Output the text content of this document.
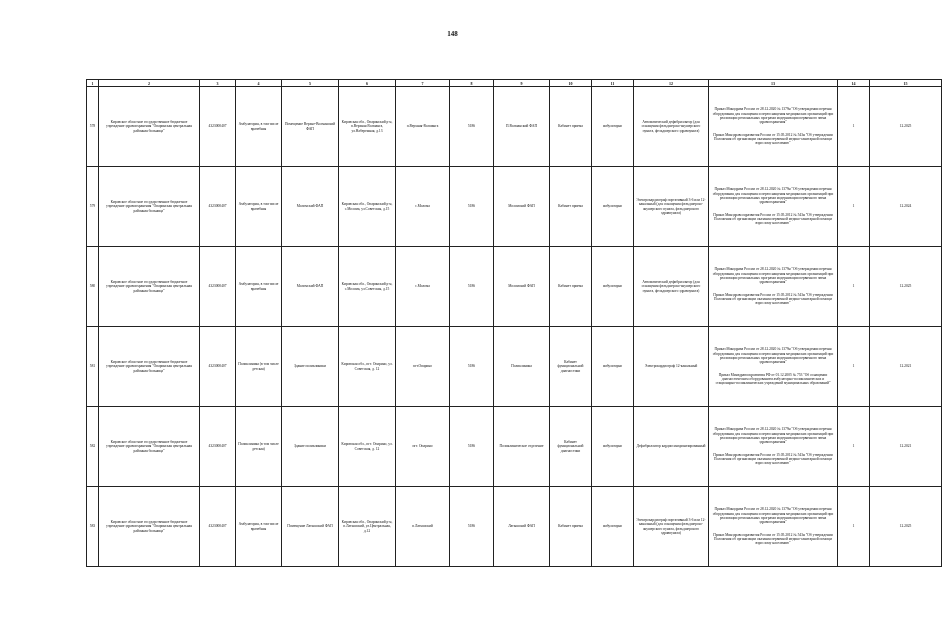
148
1	2	3	4	5	6	7	8	9	10	11	12	13	14	15
578	Кировское областное государственное бюджетное учреждение здравоохранения "Опаринская центральная районная больница"	4323000407	Амбулатория, в том числе врачебная	Помещение Верхне-Волманский ФАП	Кировская обл., Опаринский р-н, п.Верхняя Волманга, ул.Набережная, д.13	п.Верхняя-Волманга	5186	П.Волманский ФАП	Кабинет приема	амбулаторно	Автоматический дефибриллятор (для оснащения фельдшерско-акушерского пункта, фельдшерского здравпункта)	Приказ Минздрава России от 28.12.2020 № 1379н "Об утверждении перечня оборудования для оснащения и переоснащения медицинских организаций при реализации региональных программ модернизации первичного звена здравоохранения"
Приказ Минздравсоцразвития России от 15.05.2012 № 543н "Об утверждении Положения об организации оказания первичной медико-санитарной помощи взрослому населению"	1	12.2025
579	Кировское областное государственное бюджетное учреждение здравоохранения "Опаринская центральная районная больница"	4323000407	Амбулатория, в том числе врачебная	Моломский ФАП	Кировская обл., Опаринский р-н, с.Молома, ул.Советская, д.15	с.Молома	5186	Моломский ФАП	Кабинет приема	амбулаторно	Электрокардиограф портативный 3-6 или 12-канальный (для оснащения фельдшерско-акушерского пункта, фельдшерского здравпункта)	Приказ Минздрава России от 28.12.2020 № 1379н "Об утверждении перечня оборудования для оснащения и переоснащения медицинских организаций при реализации региональных программ модернизации первичного звена здравоохранения"
Приказ Минздравсоцразвития России от 15.05.2012 № 543н "Об утверждении Положения об организации оказания первичной медико-санитарной помощи взрослому населению"	1	12.2024
580	Кировское областное государственное бюджетное учреждение здравоохранения "Опаринская центральная районная больница"	4323000407	Амбулатория, в том числе врачебная	Моломский ФАП	Кировская обл., Опаринский р-н, с.Молома, ул.Советская, д.15	с.Молома	5186	Моломский ФАП	Кабинет приема	амбулаторно	Автоматический дефибриллятор (для оснащения фельдшерско-акушерского пункта, фельдшерского здравпункта)	Приказ Минздрава России от 28.12.2020 № 1379н "Об утверждении перечня оборудования для оснащения и переоснащения медицинских организаций при реализации региональных программ модернизации первичного звена здравоохранения"
Приказ Минздравсоцразвития России от 15.05.2012 № 543н "Об утверждении Положения об организации оказания первичной медико-санитарной помощи взрослому населению"	1	12.2025
581	Кировское областное государственное бюджетное учреждение здравоохранения "Опаринская центральная районная больница"	4323000407	Поликлиника (в том числе детская)	Здание поликлиники	Кировская обл., пгт. Опарино, ул. Советская, д. 12	пгт.Опарино	5186	Поликлиника	Кабинет функциональной диагностики	амбулаторно	Электрокардиограф 12-канальный	Приказ Минздрава России от 28.12.2020 № 1379н "Об утверждении перечня оборудования для оснащения и переоснащения медицинских организаций при реализации региональных программ модернизации первичного звена здравоохранения"
Приказ Минздравсоцразвития РФ от 01.12.2005 № 753 "Об оснащении диагностическим оборудованием амбулаторно-поликлинических и стационарно-поликлинических учреждений муниципальных образований"	1	12.2021
582	Кировское областное государственное бюджетное учреждение здравоохранения "Опаринская центральная районная больница"	4323000407	Поликлиника (в том числе детская)	Здание поликлиники	Кировская обл., пгт. Опарино, ул. Советская, д. 12	пгт. Опарино	5186	Поликлиническое отделение	Кабинет функциональной диагностики	амбулаторно	Дефибриллятор кардиосинхронизированный	Приказ Минздрава России от 28.12.2020 № 1379н "Об утверждении перечня оборудования для оснащения и переоснащения медицинских организаций при реализации региональных программ модернизации первичного звена здравоохранения"
Приказ Минздравсоцразвития России от 15.05.2012 № 543н "Об утверждении Положения об организации оказания первичной медико-санитарной помощи взрослому населению"	1	12.2021
583	Кировское областное государственное бюджетное учреждение здравоохранения "Опаринская центральная районная больница"	4323000407	Амбулатория, в том числе врачебная	Помещение Латышский ФАП	Кировская обл., Опаринский р-н, п.Латышский, ул.Центральная, д.12	п.Латышский	5186	Латышский ФАП	Кабинет приема	амбулаторно	Электрокардиограф портативный 3-6 или 12-канальный (для оснащения фельдшерско-акушерского пункта, фельдшерского здравпункта)	Приказ Минздрава России от 28.12.2020 № 1379н "Об утверждении перечня оборудования для оснащения и переоснащения медицинских организаций при реализации региональных программ модернизации первичного звена здравоохранения"
Приказ Минздравсоцразвития России от 15.05.2012 № 543н "Об утверждении Положения об организации оказания первичной медико-санитарной помощи взрослому населению"	1	12.2025
